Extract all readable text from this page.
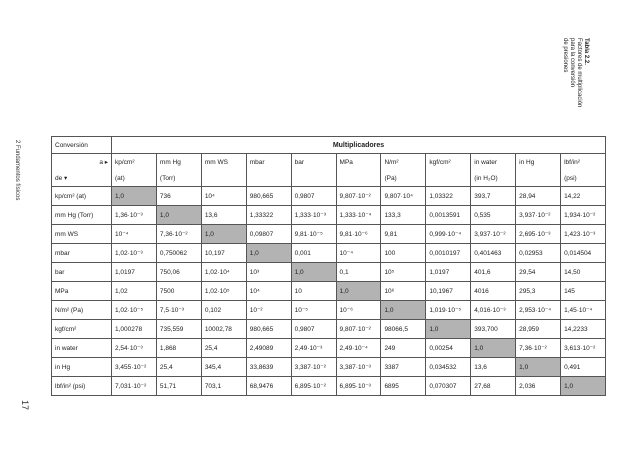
Tabla 2.2.
Factores de multiplicación
para la conversión
de presiones
2 Fundamentos físicos
17
Conversión	Multiplicadores										
a ▸	kp/cm²	mm Hg	mm WS	mbar	bar	MPa	N/m²	kgf/cm²	in water	in Hg	lbf/in²
de ▾	(at)	(Torr)					(Pa)		(in H₂O)		(psi)
kp/cm² (at)	1,0	736	10⁴	980,665	0,9807	9,807·10⁻²	9,807·10⁴	1,03322	393,7	28,94	14,22
mm Hg (Torr)	1,36·10⁻³	1,0	13,6	1,33322	1,333·10⁻³	1,333·10⁻⁴	133,3	0,0013591	0,535	3,937·10⁻²	1,934·10⁻²
mm WS	10⁻⁴	7,36·10⁻²	1,0	0,09807	9,81·10⁻⁵	9,81·10⁻⁶	9,81	0,999·10⁻⁴	3,937·10⁻²	2,695·10⁻³	1,423·10⁻³
mbar	1,02·10⁻³	0,750062	10,197	1,0	0,001	10⁻⁴	100	0,0010197	0,401463	0,02953	0,014504
bar	1,0197	750,06	1,02·10⁴	10³	1,0	0,1	10⁵	1,0197	401,6	29,54	14,50
MPa	1,02	7500	1,02·10⁵	10⁴	10	1,0	10⁶	10,1967	4016	295,3	145
N/m² (Pa)	1,02·10⁻⁵	7,5·10⁻³	0,102	10⁻²	10⁻⁵	10⁻⁶	1,0	1,019·10⁻⁵	4,016·10⁻³	2,953·10⁻⁴	1,45·10⁻⁴
kgf/cm²	1,000278	735,559	10002,78	980,665	0,9807	9,807·10⁻²	98066,5	1,0	393,700	28,959	14,2233
in water	2,54·10⁻³	1,868	25,4	2,49089	2,49·10⁻³	2,49·10⁻⁴	249	0,00254	1,0	7,36·10⁻²	3,613·10⁻²
in Hg	3,455·10⁻²	25,4	345,4	33,8639	3,387·10⁻²	3,387·10⁻³	3387	0,034532	13,6	1,0	0,491
lbf/in² (psi)	7,031·10⁻²	51,71	703,1	68,9476	6,895·10⁻²	6,895·10⁻³	6895	0,070307	27,68	2,036	1,0
